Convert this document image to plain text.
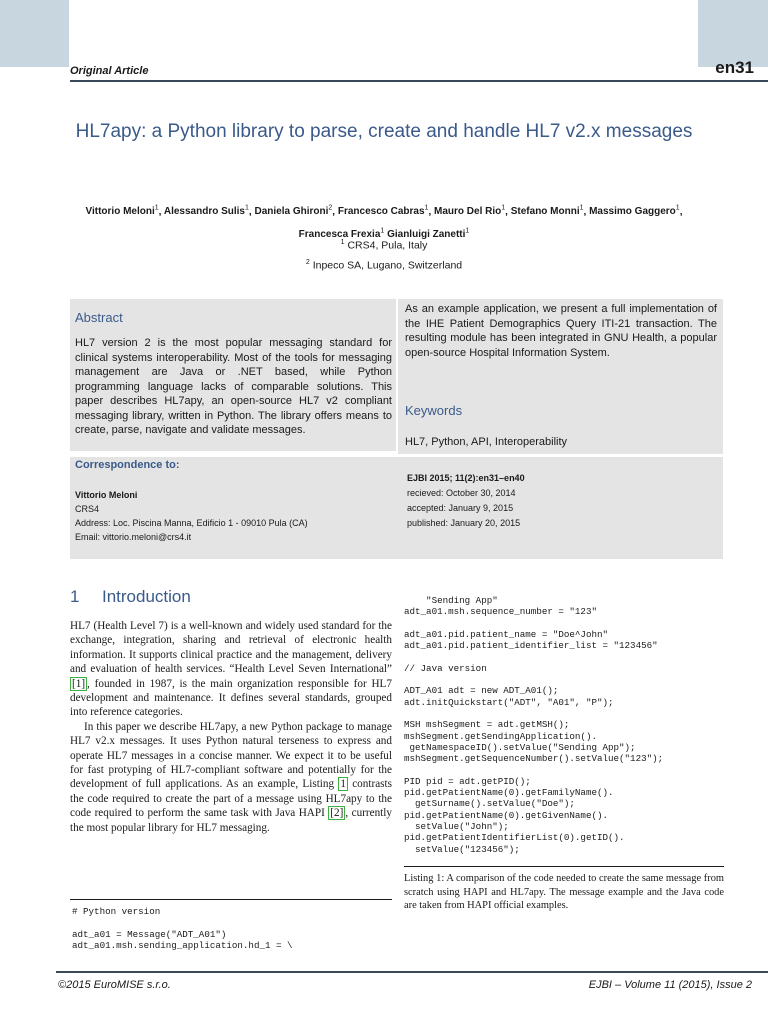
Original Article	en31
HL7apy: a Python library to parse, create and handle HL7 v2.x messages
Vittorio Meloni$^1$, Alessandro Sulis$^1$, Daniela Ghironi$^2$, Francesco Cabras$^1$, Mauro Del Rio$^1$, Stefano Monni$^1$, Massimo Gaggero$^1$,
Francesca Frexia$^1$ Gianluigi Zanetti$^1$
$^1$ CRS4, Pula, Italy
$^2$ Inpeco SA, Lugano, Switzerland
Abstract
HL7 version 2 is the most popular messaging standard for clinical systems interoperability. Most of the tools for messaging management are Java or .NET based, while Python programming language lacks of comparable solutions. This paper describes HL7apy, an open-source HL7 v2 compliant messaging library, written in Python. The library offers means to create, parse, navigate and validate messages.
As an example application, we present a full implementation of the IHE Patient Demographics Query ITI-21 transaction. The resulting module has been integrated in GNU Health, a popular open-source Hospital Information System.
Keywords
HL7, Python, API, Interoperability
Correspondence to:
Vittorio Meloni
CRS4
Address: Loc. Piscina Manna, Edificio 1 - 09010 Pula (CA)
Email: vittorio.meloni@crs4.it
EJBI 2015; 11(2):en31–en40
recieved: October 30, 2014
accepted: January 9, 2015
published: January 20, 2015
1 Introduction

HL7 (Health Level 7) is a well-known and widely used standard for the exchange, integration, sharing and retrieval of electronic health information. It supports clinical practice and the management, delivery and evaluation of health services. “Health Level Seven International” [1] , founded in 1987, is the main organization responsible for HL7 development and maintenance. It defines several standards, grouped into reference categories.

In this paper we describe HL7apy, a new Python package to manage HL7 v2.x messages. It uses Python natural terseness to express and operate HL7 messages in a concise manner. We expect it to be useful for fast protyping of HL7-compliant software and potentially for the development of full applications. As an example, Listing 1 contrasts the code required to create the part of a message using HL7apy to the code required to perform the same task with Java HAPI [2] , currently the most popular library for HL7 messaging.

# Python version

adt_a01 = Message("ADT_A01")
adt_a01.msh.sending_application.hd_1 = \
"Sending App"
adt_a01.msh.sequence_number = "123"

adt_a01.pid.patient_name = "Doe^John"
adt_a01.pid.patient_identifier_list = "123456"

// Java version

ADT_A01 adt = new ADT_A01();
adt.initQuickstart("ADT", "A01", "P");

MSH mshSegment = adt.getMSH();
mshSegment.getSendingApplication().
getNamespaceID().setValue("Sending App");
mshSegment.getSequenceNumber().setValue("123");

PID pid = adt.getPID();
pid.getPatientName(0).getFamilyName().
getSurname().setValue("Doe");
pid.getPatientName(0).getGivenName().
setValue("John");
pid.getPatientIdentifierList(0).getID().
setValue("123456");
Listing 1: A comparison of the code needed to create the same message from scratch using HAPI and HL7apy. The message example and the Java code are taken from HAPI official examples.
©2015 EuroMISE s.r.o.	EJBI – Volume 11 (2015), Issue 2
